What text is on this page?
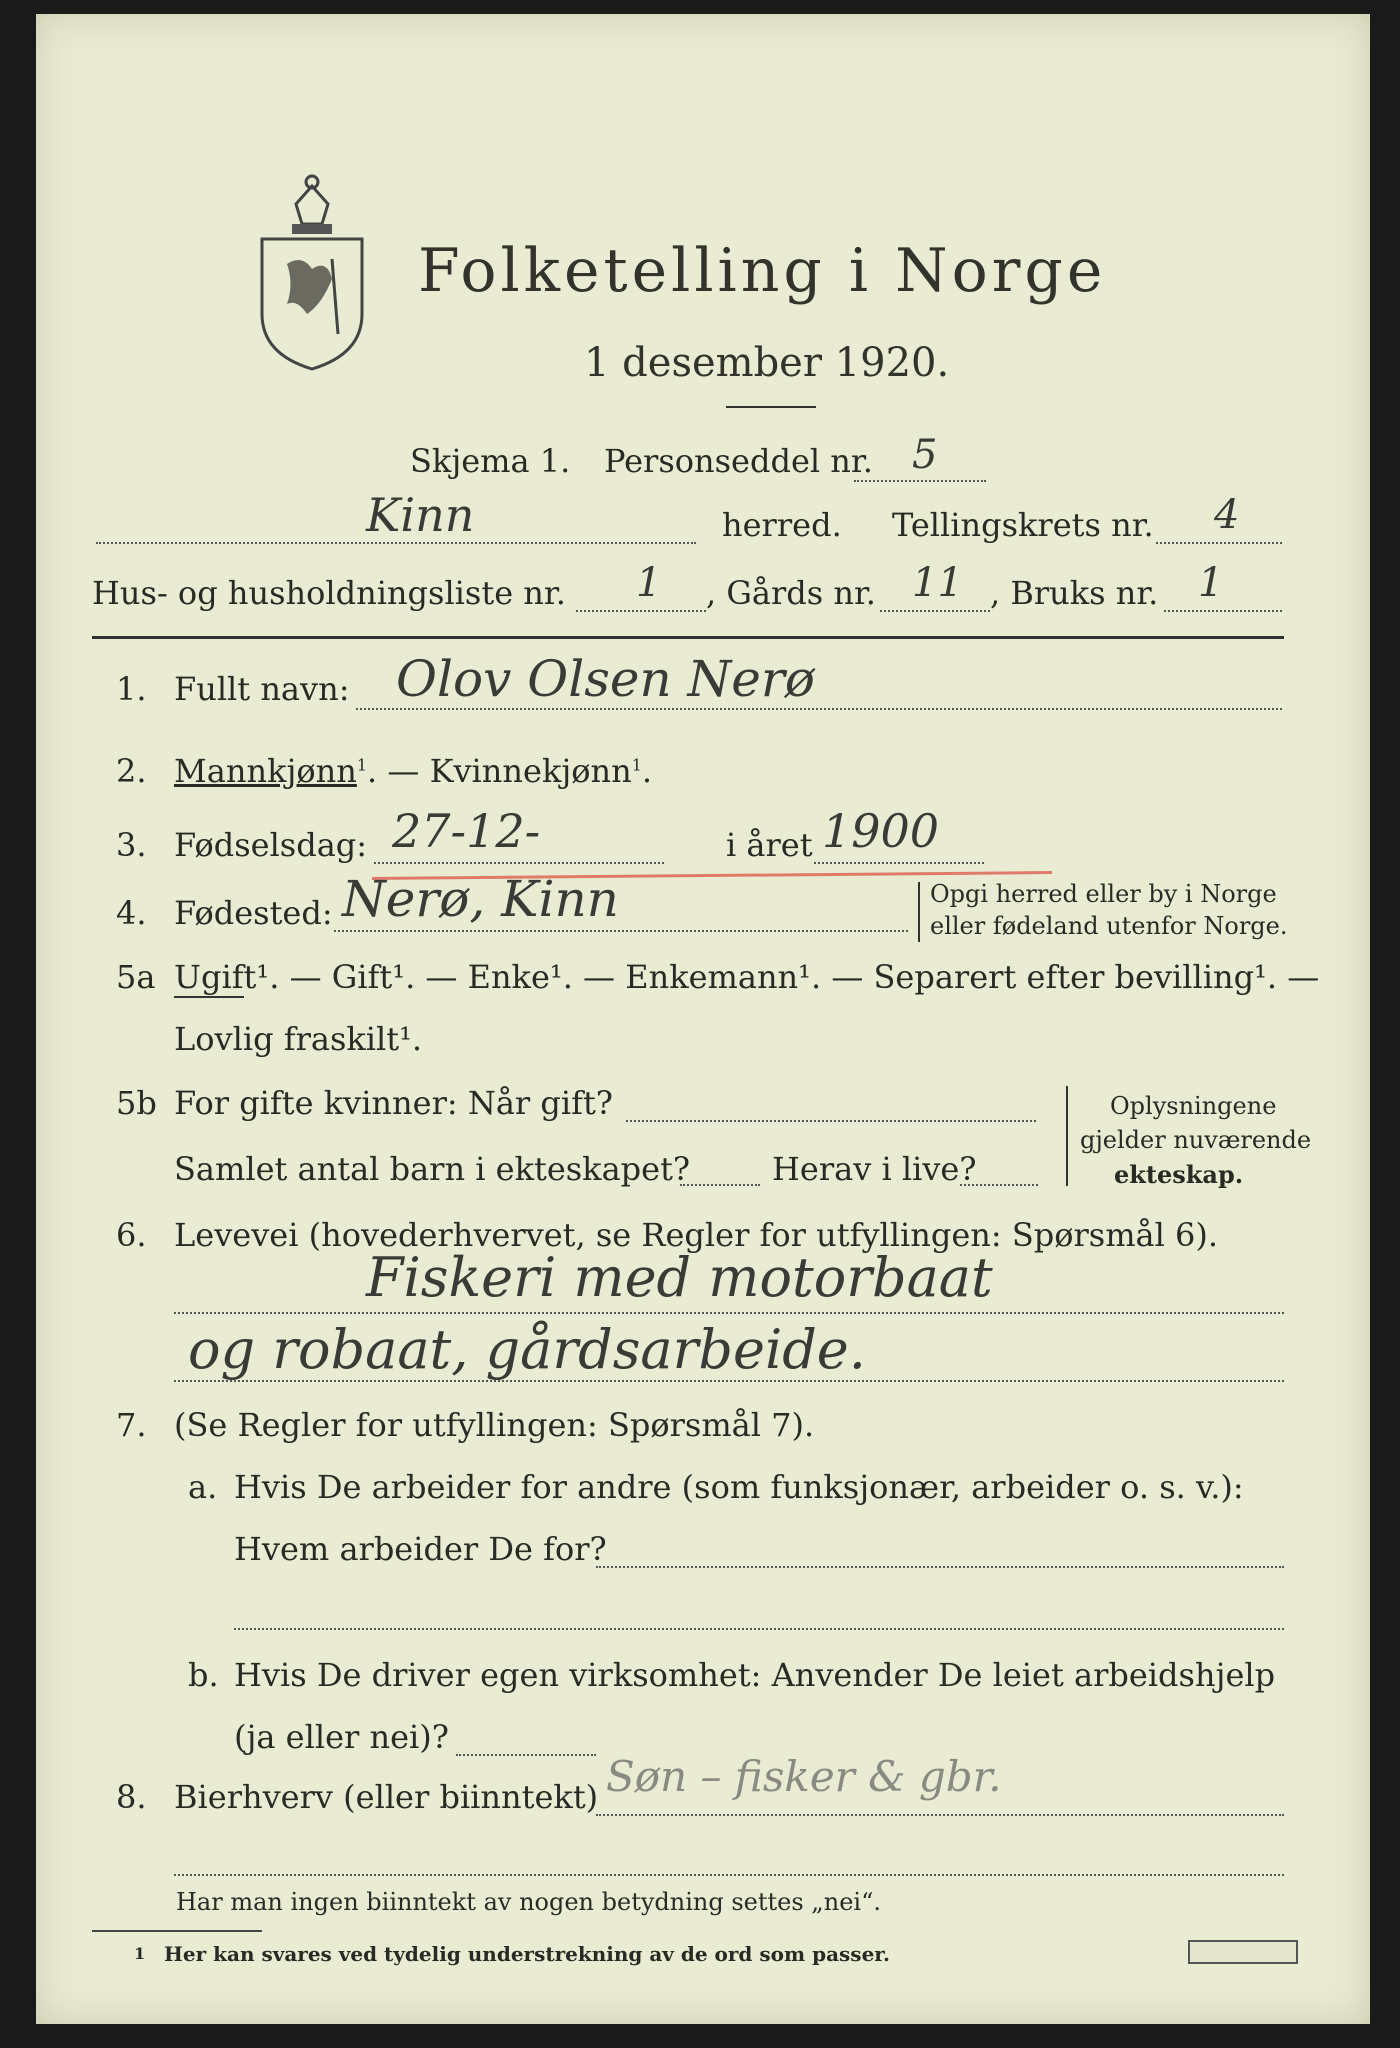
Folketelling i Norge
1 desember 1920.
Skjema 1. Personseddel nr. 5
Kinn	herred. Tellingskrets nr. 4
Hus- og husholdningsliste nr. 1 , Gårds nr. 11 , Bruks nr. 1
1. Fullt navn: Olov Olsen Nerø
2. Mannkjønn$^1$. — Kvinnekjønn$^1$.
3. Fødselsdag: 27-12-	i året 1900
4. Fødested: Nerø, Kinn	Opgi herred eller by i Norge
eller fødeland utenfor Norge.
5a Ugift¹. — Gift¹. — Enke¹. — Enkemann¹. — Separert efter bevilling¹. —
Lovlig fraskilt¹.
5b For gifte kvinner: Når gift?
Samlet antal barn i ekteskapet?	Herav i live?
Oplysningene
gjelder nuværende
ekteskap.
6. Levevei (hovederhvervet, se Regler for utfyllingen: Spørsmål 6).
Fiskeri med motorbaat
og robaat, gårdsarbeide.
7. (Se Regler for utfyllingen: Spørsmål 7).
a. Hvis De arbeider for andre (som funksjonær, arbeider o. s. v.):
Hvem arbeider De for?
b. Hvis De driver egen virksomhet: Anvender De leiet arbeidshjelp
(ja eller nei)?
8. Bierhverv (eller biinntekt) Søn – fisker & gbr.
Har man ingen biinntekt av nogen betydning settes „nei“.
1 Her kan svares ved tydelig understrekning av de ord som passer.
